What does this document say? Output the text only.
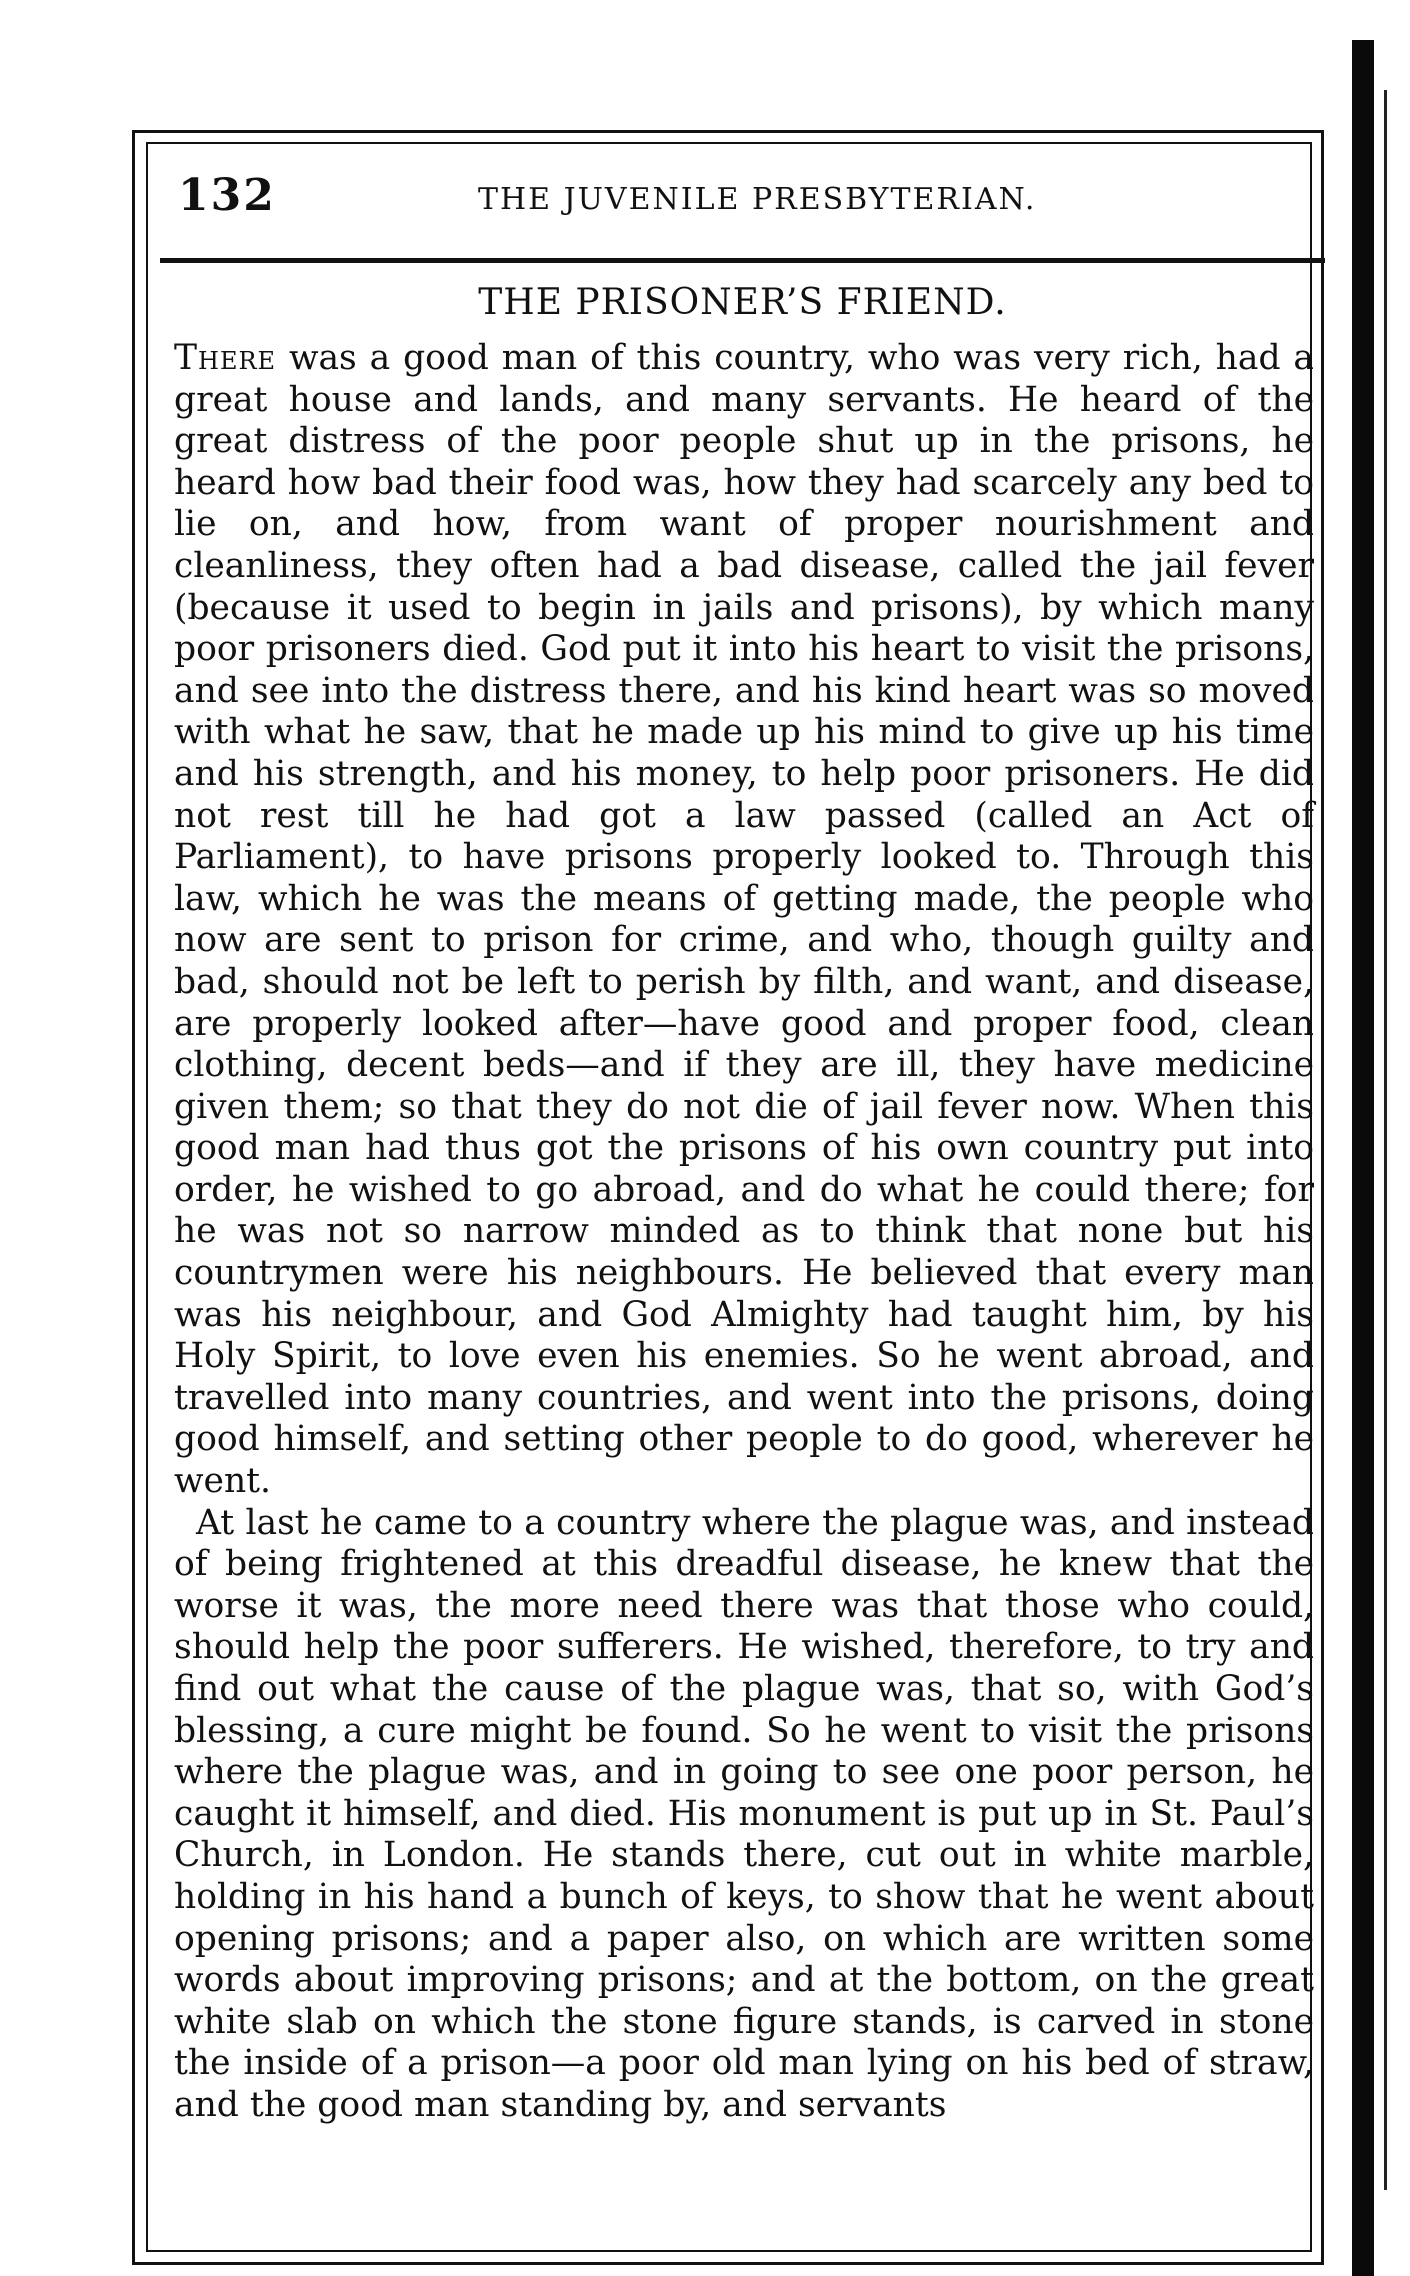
132	THE JUVENILE PRESBYTERIAN.
THE PRISONER’S FRIEND.

There was a good man of this country, who was very rich, had a great house and lands, and many servants. He heard of the great distress of the poor people shut up in the prisons, he heard how bad their food was, how they had scarcely any bed to lie on, and how, from want of proper nourishment and cleanliness, they often had a bad disease, called the jail fever (because it used to begin in jails and prisons), by which many poor prisoners died. God put it into his heart to visit the prisons, and see into the distress there, and his kind heart was so moved with what he saw, that he made up his mind to give up his time and his strength, and his money, to help poor prisoners. He did not rest till he had got a law passed (called an Act of Parliament), to have prisons properly looked to. Through this law, which he was the means of getting made, the people who now are sent to prison for crime, and who, though guilty and bad, should not be left to perish by filth, and want, and disease, are properly looked after—have good and proper food, clean clothing, decent beds—and if they are ill, they have medicine given them; so that they do not die of jail fever now. When this good man had thus got the prisons of his own country put into order, he wished to go abroad, and do what he could there; for he was not so narrow minded as to think that none but his countrymen were his neighbours. He believed that every man was his neighbour, and God Almighty had taught him, by his Holy Spirit, to love even his enemies. So he went abroad, and travelled into many countries, and went into the prisons, doing good himself, and setting other people to do good, wherever he went.

At last he came to a country where the plague was, and instead of being frightened at this dreadful disease, he knew that the worse it was, the more need there was that those who could, should help the poor sufferers. He wished, therefore, to try and find out what the cause of the plague was, that so, with God’s blessing, a cure might be found. So he went to visit the prisons where the plague was, and in going to see one poor person, he caught it himself, and died. His monument is put up in St. Paul’s Church, in London. He stands there, cut out in white marble, holding in his hand a bunch of keys, to show that he went about opening prisons; and a paper also, on which are written some words about improving prisons; and at the bottom, on the great white slab on which the stone figure stands, is carved in stone the inside of a prison—a poor old man lying on his bed of straw, and the good man standing by, and servants
